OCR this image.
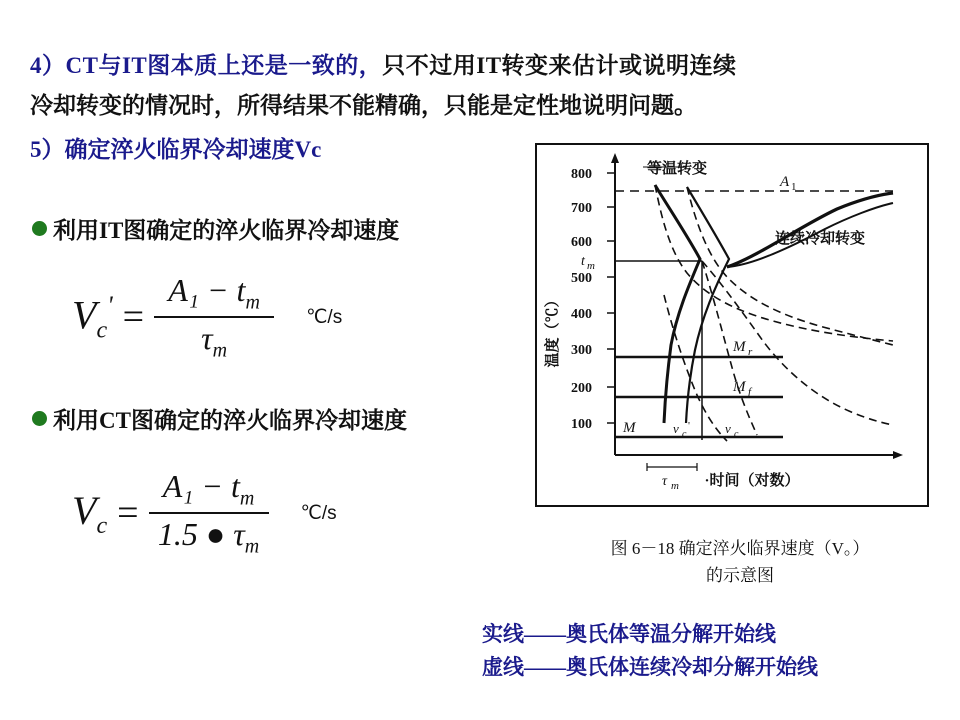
4）CT与IT图本质上还是一致的，只不过用IT转变来估计或说明连续
冷却转变的情况时，所得结果不能精确，只能是定性地说明问题。
5）确定淬火临界冷却速度Vc
利用IT图确定的淬火临界冷却速度
$V_c' = \frac{A_1 - t_m}{\tau_m}$ ℃/s
利用CT图确定的淬火临界冷却速度
$V_c = \frac{A_1 - t_m}{1.5 ● \tau_m}$ ℃/s
800
700
600
500
400
300
200
100
温度（℃）
A 1
等温转变
t m
连续冷却转变
M r
M f
M	v c
'	v c
τ m ·时间（对数）
图 6－18 确定淬火临界速度（V。）
的示意图
实线——奥氏体等温分解开始线
虚线——奥氏体连续冷却分解开始线
